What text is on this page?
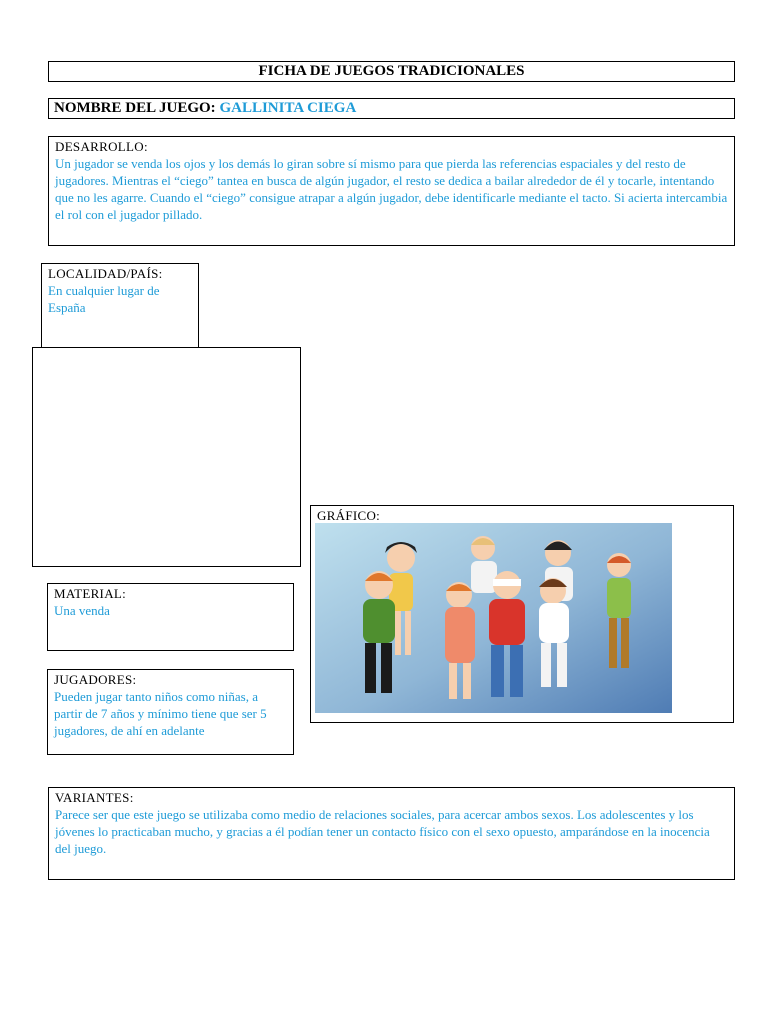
FICHA DE JUEGOS TRADICIONALES
NOMBRE DEL JUEGO: GALLINITA CIEGA
DESARROLLO:
Un jugador se venda los ojos y los demás lo giran sobre sí mismo para que pierda las referencias espaciales y del resto de jugadores. Mientras el “ciego” tantea en busca de algún jugador, el resto se dedica a bailar alrededor de él y tocarle, intentando que no les agarre. Cuando el “ciego” consigue atrapar a algún jugador, debe identificarle mediante el tacto. Si acierta intercambia el rol con el jugador pillado.
LOCALIDAD/PAÍS:
En cualquier lugar de España
GRÁFICO:
MATERIAL:
Una venda
JUGADORES:
Pueden jugar tanto niños como niñas, a partir de 7 años y mínimo tiene que ser 5 jugadores, de ahí en adelante
VARIANTES:
Parece ser que este juego se utilizaba como medio de relaciones sociales, para acercar ambos sexos. Los adolescentes y los jóvenes lo practicaban mucho, y gracias a él podían tener un contacto físico con el sexo opuesto, amparándose en la inocencia del juego.
